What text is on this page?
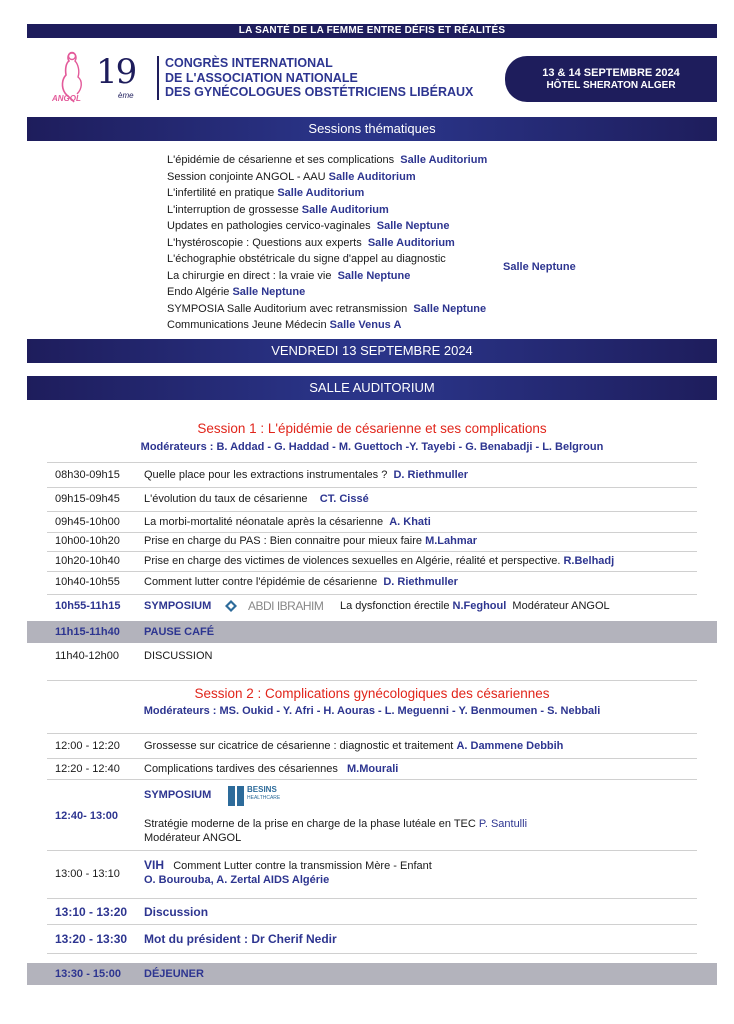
LA SANTÉ DE LA FEMME ENTRE DÉFIS ET RÉALITÉS
ANGOL
19
ème
CONGRÈS INTERNATIONAL
DE L'ASSOCIATION NATIONALE
DES GYNÉCOLOGUES OBSTÉTRICIENS LIBÉRAUX
13 & 14 SEPTEMBRE 2024
HÔTEL SHERATON ALGER
Sessions thématiques
L'épidémie de césarienne et ses complications Salle Auditorium
Session conjointe ANGOL - AAU Salle Auditorium
L'infertilité en pratique Salle Auditorium
L'interruption de grossesse Salle Auditorium
Updates en pathologies cervico-vaginales Salle Neptune
L'hystéroscopie : Questions aux experts Salle Auditorium
L'échographie obstétricale du signe d'appel au diagnostic
Salle Neptune
La chirurgie en direct : la vraie vie Salle Neptune
Endo Algérie Salle Neptune
SYMPOSIA Salle Auditorium avec retransmission Salle Neptune
Communications Jeune Médecin Salle Venus A
VENDREDI 13 SEPTEMBRE 2024
SALLE AUDITORIUM
Session 1 : L'épidémie de césarienne et ses complications
Modérateurs : B. Addad - G. Haddad - M. Guettoch -Y. Tayebi - G. Benabadji - L. Belgroun
08h30-09h15 Quelle place pour les extractions instrumentales ? D. Riethmuller
09h15-09h45 L'évolution du taux de césarienne CT. Cissé
09h45-10h00 La morbi-mortalité néonatale après la césarienne A. Khati
10h00-10h20 Prise en charge du PAS : Bien connaitre pour mieux faire M.Lahmar
10h20-10h40 Prise en charge des victimes de violences sexuelles en Algérie, réalité et perspective. R.Belhadj
10h40-10h55 Comment lutter contre l'épidémie de césarienne D. Riethmuller
10h55-11h15 SYMPOSIUM	ABDI IBRAHIM La dysfonction érectile N.Feghoul Modérateur ANGOL
11h15-11h40 PAUSE CAFÉ
11h40-12h00 DISCUSSION
Session 2 : Complications gynécologiques des césariennes
Modérateurs : MS. Oukid - Y. Afri - H. Aouras - L. Meguenni - Y. Benmoumen - S. Nebbali
12:00 - 12:20 Grossesse sur cicatrice de césarienne : diagnostic et traitement A. Dammene Debbih
12:20 - 12:40 Complications tardives des césariennes M.Mourali
12:40- 13:00
SYMPOSIUM	BESINS
HEALTHCARE
Stratégie moderne de la prise en charge de la phase lutéale en TEC P. Santulli
Modérateur ANGOL
13:00 - 13:10
VIH Comment Lutter contre la transmission Mère - Enfant
O. Bourouba, A. Zertal AIDS Algérie
13:10 - 13:20 Discussion
13:20 - 13:30 Mot du président : Dr Cherif Nedir
13:30 - 15:00 DÉJEUNER
